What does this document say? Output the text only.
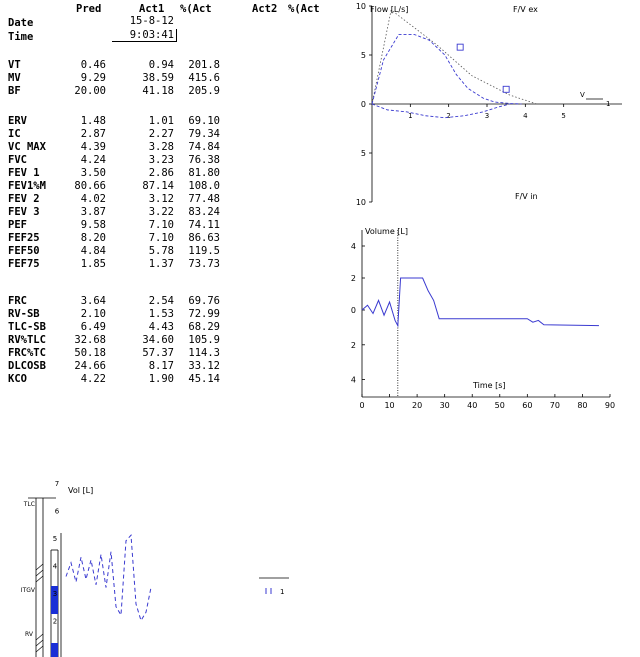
Pred	Act1 %(Act	Act2 %(Act
Date	15-8-12
Time	9:03:41
VT	0.46	0.94	201.8
MV	9.29	38.59	415.6
BF	20.00	41.18	205.9
ERV	1.48	1.01	69.10
IC	2.87	2.27	79.34
VC MAX	4.39	3.28	74.84
FVC	4.24	3.23	76.38
FEV 1	3.50	2.86	81.80
FEV1%M	80.66	87.14	108.0
FEV 2	4.02	3.12	77.48
FEV 3	3.87	3.22	83.24
PEF	9.58	7.10	74.11
FEF25	8.20	7.10	86.63
FEF50	4.84	5.78	119.5
FEF75	1.85	1.37	73.73
FRC	3.64	2.54	69.76
RV-SB	2.10	1.53	72.99
TLC-SB	6.49	4.43	68.29
RV%TLC	32.68	34.60	105.9
FRC%TC	50.18	57.37	114.3
DLCOSB	24.66	8.17	33.12
KCO	4.22	1.90	45.14
Flow [L/s]	F/V ex
F/V in
V
10
5
0
5
10
1	2	3	4	5
1
Volume [L]
Time [s]
4
2
0
2
4
0 10 20 30 40 50 60 70 80 90
Vol [L]
1
7
6
5
4
3
2
TLC
ITGV
RV
